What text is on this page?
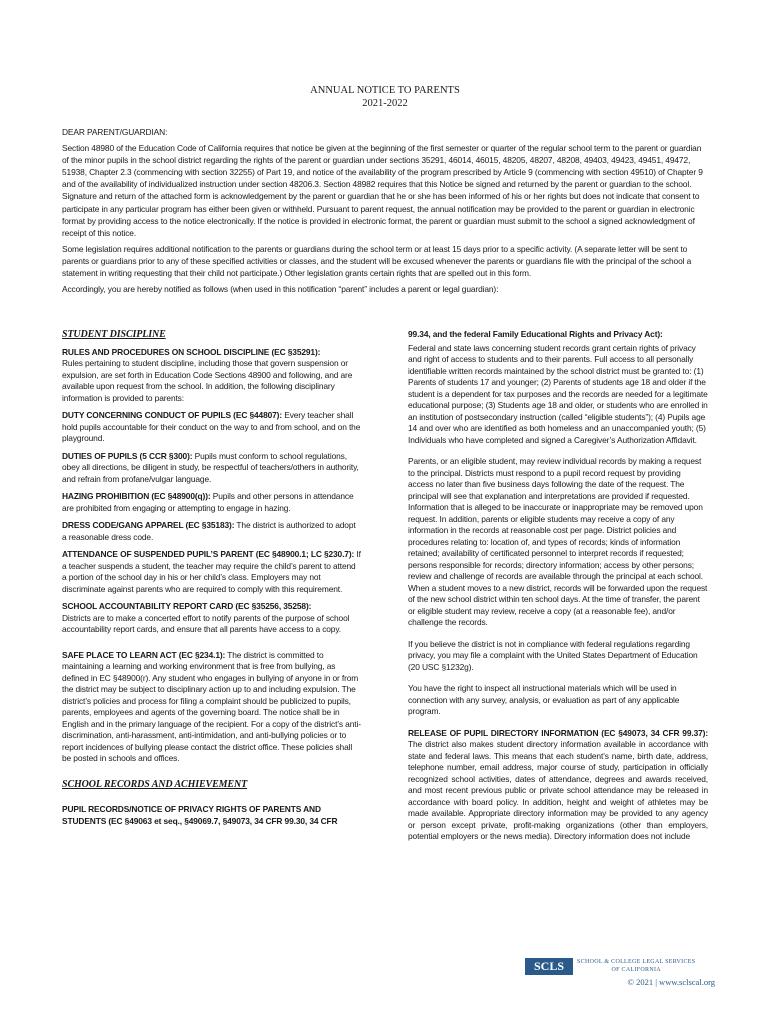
ANNUAL NOTICE TO PARENTS
2021-2022

DEAR PARENT/GUARDIAN:

Section 48980 of the Education Code of California requires that notice be given at the beginning of the first semester or quarter of the regular school term to the parent or guardian of the minor pupils in the school district regarding the rights of the parent or guardian under sections 35291, 46014, 46015, 48205, 48207, 48208, 49403, 49423, 49451, 49472, 51938, Chapter 2.3 (commencing with section 32255) of Part 19, and notice of the availability of the program prescribed by Article 9 (commencing with section 49510) of Chapter 9 and of the availability of individualized instruction under section 48206.3. Section 48982 requires that this Notice be signed and returned by the parent or guardian to the school. Signature and return of the attached form is acknowledgement by the parent or guardian that he or she has been informed of his or her rights but does not indicate that consent to participate in any particular program has either been given or withheld. Pursuant to parent request, the annual notification may be provided to the parent or guardian in electronic format by providing access to the notice electronically. If the notice is provided in electronic format, the parent or guardian must submit to the school a signed acknowledgment of receipt of this notice.

Some legislation requires additional notification to the parents or guardians during the school term or at least 15 days prior to a specific activity. (A separate letter will be sent to parents or guardians prior to any of these specified activities or classes, and the student will be excused whenever the parents or guardians file with the principal of the school a statement in writing requesting that their child not participate.) Other legislation grants certain rights that are spelled out in this form.

Accordingly, you are hereby notified as follows (when used in this notification “parent” includes a parent or legal guardian):

STUDENT DISCIPLINE

RULES AND PROCEDURES ON SCHOOL DISCIPLINE (EC §35291):
Rules pertaining to student discipline, including those that govern suspension or expulsion, are set forth in Education Code Sections 48900 and following, and are available upon request from the school. In addition, the following disciplinary information is provided to parents:

DUTY CONCERNING CONDUCT OF PUPILS (EC §44807): Every teacher shall hold pupils accountable for their conduct on the way to and from school, and on the playground.

DUTIES OF PUPILS (5 CCR §300): Pupils must conform to school regulations, obey all directions, be diligent in study, be respectful of teachers/others in authority, and refrain from profane/vulgar language.

HAZING PROHIBITION (EC §48900(q)): Pupils and other persons in attendance are prohibited from engaging or attempting to engage in hazing.

DRESS CODE/GANG APPAREL (EC §35183): The district is authorized to adopt a reasonable dress code.

ATTENDANCE OF SUSPENDED PUPIL’S PARENT (EC §48900.1; LC §230.7): If a teacher suspends a student, the teacher may require the child’s parent to attend a portion of the school day in his or her child’s class. Employers may not discriminate against parents who are required to comply with this requirement.

SCHOOL ACCOUNTABILITY REPORT CARD (EC §35256, 35258):
Districts are to make a concerted effort to notify parents of the purpose of school accountability report cards, and ensure that all parents have access to a copy.

SAFE PLACE TO LEARN ACT (EC §234.1): The district is committed to maintaining a learning and working environment that is free from bullying, as defined in EC §48900(r). Any student who engages in bullying of anyone in or from the district may be subject to disciplinary action up to and including expulsion. The district’s policies and process for filing a complaint should be publicized to pupils, parents, employees and agents of the governing board. The notice shall be in English and in the primary language of the recipient. For a copy of the district’s anti-discrimination, anti-harassment, anti-intimidation, and anti-bullying policies or to report incidences of bullying please contact the district office. These policies shall be posted in schools and offices.

SCHOOL RECORDS AND ACHIEVEMENT

PUPIL RECORDS/NOTICE OF PRIVACY RIGHTS OF PARENTS AND STUDENTS (EC §49063 et seq., §49069.7, §49073, 34 CFR 99.30, 34 CFR

99.34, and the federal Family Educational Rights and Privacy Act):

Federal and state laws concerning student records grant certain rights of privacy and right of access to students and to their parents. Full access to all personally identifiable written records maintained by the school district must be granted to: (1) Parents of students 17 and younger; (2) Parents of students age 18 and older if the student is a dependent for tax purposes and the records are needed for a legitimate educational purpose; (3) Students age 18 and older, or students who are enrolled in an institution of postsecondary instruction (called “eligible students”); (4) Pupils age 14 and over who are identified as both homeless and an unaccompanied youth; (5) Individuals who have completed and signed a Caregiver’s Authorization Affidavit.

Parents, or an eligible student, may review individual records by making a request to the principal. Districts must respond to a pupil record request by providing access no later than five business days following the date of the request. The principal will see that explanation and interpretations are provided if requested. Information that is alleged to be inaccurate or inappropriate may be removed upon request. In addition, parents or eligible students may receive a copy of any information in the records at reasonable cost per page. District policies and procedures relating to: location of, and types of records; kinds of information retained; availability of certificated personnel to interpret records if requested; persons responsible for records; directory information; access by other persons; review and challenge of records are available through the principal at each school. When a student moves to a new district, records will be forwarded upon the request of the new school district within ten school days. At the time of transfer, the parent or eligible student may review, receive a copy (at a reasonable fee), and/or challenge the records.

If you believe the district is not in compliance with federal regulations regarding privacy, you may file a complaint with the United States Department of Education (20 USC §1232g).

You have the right to inspect all instructional materials which will be used in connection with any survey, analysis, or evaluation as part of any applicable program.

RELEASE OF PUPIL DIRECTORY INFORMATION (EC §49073, 34 CFR 99.37): The district also makes student directory information available in accordance with state and federal laws. This means that each student’s name, birth date, address, telephone number, email address, major course of study, participation in officially recognized school activities, dates of attendance, degrees and awards received, and most recent previous public or private school attendance may be released in accordance with board policy. In addition, height and weight of athletes may be made available. Appropriate directory information may be provided to any agency or person except private, profit-making organizations (other than employers, potential employers or the news media). Directory information does not include

SCLS	SCHOOL & COLLEGE LEGAL SERVICES
OF CALIFORNIA
© 2021 | www.sclscal.org
